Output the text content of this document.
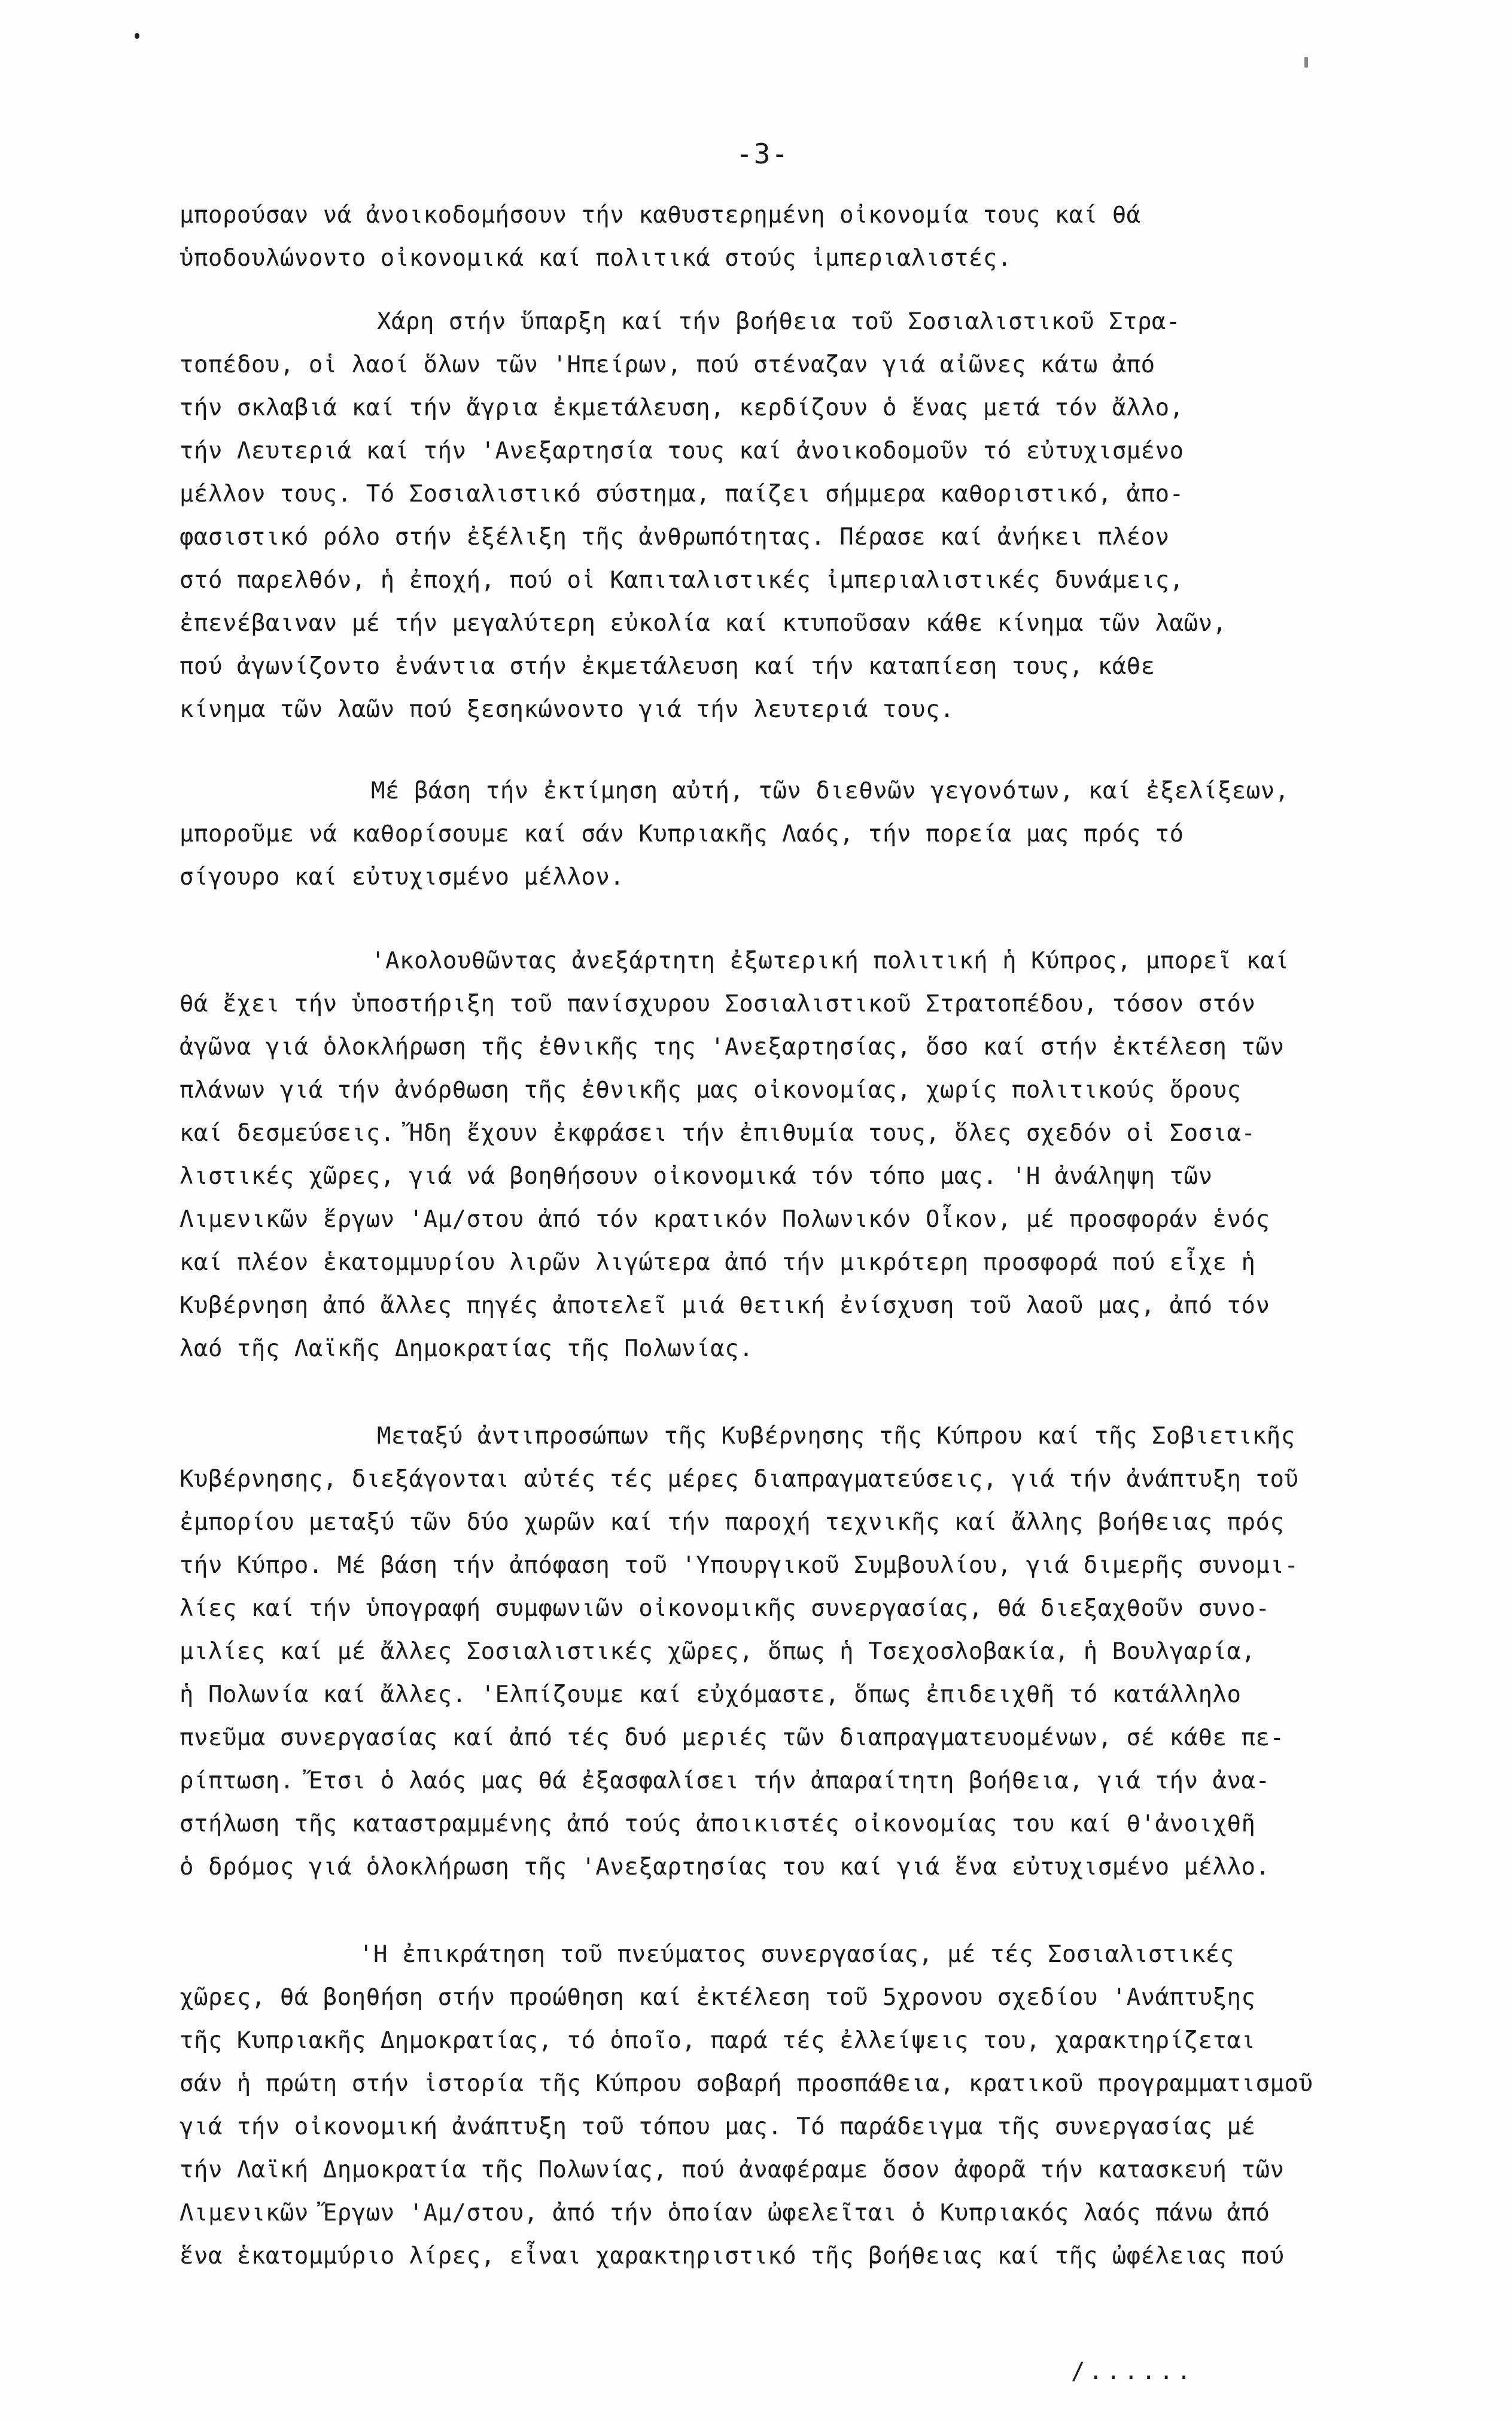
-3-
μπορούσαν νά ἀνοικοδομήσουν τήν καθυστερημένη οἰκονομία τους καί θά
ὑποδουλώνοντο οἰκονομικά καί πολιτικά στούς ἰμπεριαλιστές.
Χάρη στήν ὕπαρξη καί τήν βοήθεια τοῦ Σοσιαλιστικοῦ Στρα-
τοπέδου, οἱ λαοί ὅλων τῶν 'Ηπείρων, πού στέναζαν γιά αἰῶνες κάτω ἀπό
τήν σκλαβιά καί τήν ἄγρια ἐκμετάλευση, κερδίζουν ὁ ἕνας μετά τόν ἄλλο,
τήν Λευτεριά καί τήν 'Ανεξαρτησία τους καί ἀνοικοδομοῦν τό εὐτυχισμένο
μέλλον τους. Τό Σοσιαλιστικό σύστημα, παίζει σήμμερα καθοριστικό, ἀπο-
φασιστικό ρόλο στήν ἐξέλιξη τῆς ἀνθρωπότητας. Πέρασε καί ἀνήκει πλέον
στό παρελθόν, ἡ ἐποχή, πού οἱ Καπιταλιστικές ἰμπεριαλιστικές δυνάμεις,
ἐπενέβαιναν μέ τήν μεγαλύτερη εὐκολία καί κτυποῦσαν κάθε κίνημα τῶν λαῶν,
πού ἀγωνίζοντο ἐνάντια στήν ἐκμετάλευση καί τήν καταπίεση τους, κάθε
κίνημα τῶν λαῶν πού ξεσηκώνοντο γιά τήν λευτεριά τους.
Μέ βάση τήν ἐκτίμηση αὐτή, τῶν διεθνῶν γεγονότων, καί ἐξελίξεων,
μποροῦμε νά καθορίσουμε καί σάν Κυπριακῆς Λαός, τήν πορεία μας πρός τό
σίγουρο καί εὐτυχισμένο μέλλον.
'Ακολουθῶντας ἀνεξάρτητη ἐξωτερική πολιτική ἡ Κύπρος, μπορεῖ καί
θά ἔχει τήν ὑποστήριξη τοῦ πανίσχυρου Σοσιαλιστικοῦ Στρατοπέδου, τόσον στόν
ἀγῶνα γιά ὁλοκλήρωση τῆς ἐθνικῆς της 'Ανεξαρτησίας, ὅσο καί στήν ἐκτέλεση τῶν
πλάνων γιά τήν ἀνόρθωση τῆς ἐθνικῆς μας οἰκονομίας, χωρίς πολιτικούς ὅρους
καί δεσμεύσεις. Ἤδη ἔχουν ἐκφράσει τήν ἐπιθυμία τους, ὅλες σχεδόν οἱ Σοσια-
λιστικές χῶρες, γιά νά βοηθήσουν οἰκονομικά τόν τόπο μας. 'Η ἀνάληψη τῶν
Λιμενικῶν ἔργων 'Αμ/στου ἀπό τόν κρατικόν Πολωνικόν Οἶκον, μέ προσφοράν ἑνός
καί πλέον ἑκατομμυρίου λιρῶν λιγώτερα ἀπό τήν μικρότερη προσφορά πού εἶχε ἡ
Κυβέρνηση ἀπό ἄλλες πηγές ἀποτελεῖ μιά θετική ἐνίσχυση τοῦ λαοῦ μας, ἀπό τόν
λαό τῆς Λαϊκῆς Δημοκρατίας τῆς Πολωνίας.
Μεταξύ ἀντιπροσώπων τῆς Κυβέρνησης τῆς Κύπρου καί τῆς Σοβιετικῆς
Κυβέρνησης, διεξάγονται αὐτές τές μέρες διαπραγματεύσεις, γιά τήν ἀνάπτυξη τοῦ
ἐμπορίου μεταξύ τῶν δύο χωρῶν καί τήν παροχή τεχνικῆς καί ἄλλης βοήθειας πρός
τήν Κύπρο. Μέ βάση τήν ἀπόφαση τοῦ 'Υπουργικοῦ Συμβουλίου, γιά διμερῆς συνομι-
λίες καί τήν ὑπογραφή συμφωνιῶν οἰκονομικῆς συνεργασίας, θά διεξαχθοῦν συνο-
μιλίες καί μέ ἄλλες Σοσιαλιστικές χῶρες, ὅπως ἡ Τσεχοσλοβακία, ἡ Βουλγαρία,
ἡ Πολωνία καί ἄλλες. 'Ελπίζουμε καί εὐχόμαστε, ὅπως ἐπιδειχθῆ τό κατάλληλο
πνεῦμα συνεργασίας καί ἀπό τές δυό μεριές τῶν διαπραγματευομένων, σέ κάθε πε-
ρίπτωση. Ἔτσι ὁ λαός μας θά ἐξασφαλίσει τήν ἀπαραίτητη βοήθεια, γιά τήν ἀνα-
στήλωση τῆς καταστραμμένης ἀπό τούς ἀποικιστές οἰκονομίας του καί θ'ἀνοιχθῆ
ὁ δρόμος γιά ὁλοκλήρωση τῆς 'Ανεξαρτησίας του καί γιά ἕνα εὐτυχισμένο μέλλο.
'Η ἐπικράτηση τοῦ πνεύματος συνεργασίας, μέ τές Σοσιαλιστικές
χῶρες, θά βοηθήση στήν προώθηση καί ἐκτέλεση τοῦ 5χρονου σχεδίου 'Ανάπτυξης
τῆς Κυπριακῆς Δημοκρατίας, τό ὁποῖο, παρά τές ἐλλείψεις του, χαρακτηρίζεται
σάν ἡ πρώτη στήν ἱστορία τῆς Κύπρου σοβαρή προσπάθεια, κρατικοῦ προγραμματισμοῦ
γιά τήν οἰκονομική ἀνάπτυξη τοῦ τόπου μας. Τό παράδειγμα τῆς συνεργασίας μέ
τήν Λαϊκή Δημοκρατία τῆς Πολωνίας, πού ἀναφέραμε ὅσον ἀφορᾶ τήν κατασκευή τῶν
Λιμενικῶν Ἔργων 'Αμ/στου, ἀπό τήν ὁποίαν ὠφελεῖται ὁ Κυπριακός λαός πάνω ἀπό
ἕνα ἑκατομμύριο λίρες, εἶναι χαρακτηριστικό τῆς βοήθειας καί τῆς ὠφέλειας πού
/......
